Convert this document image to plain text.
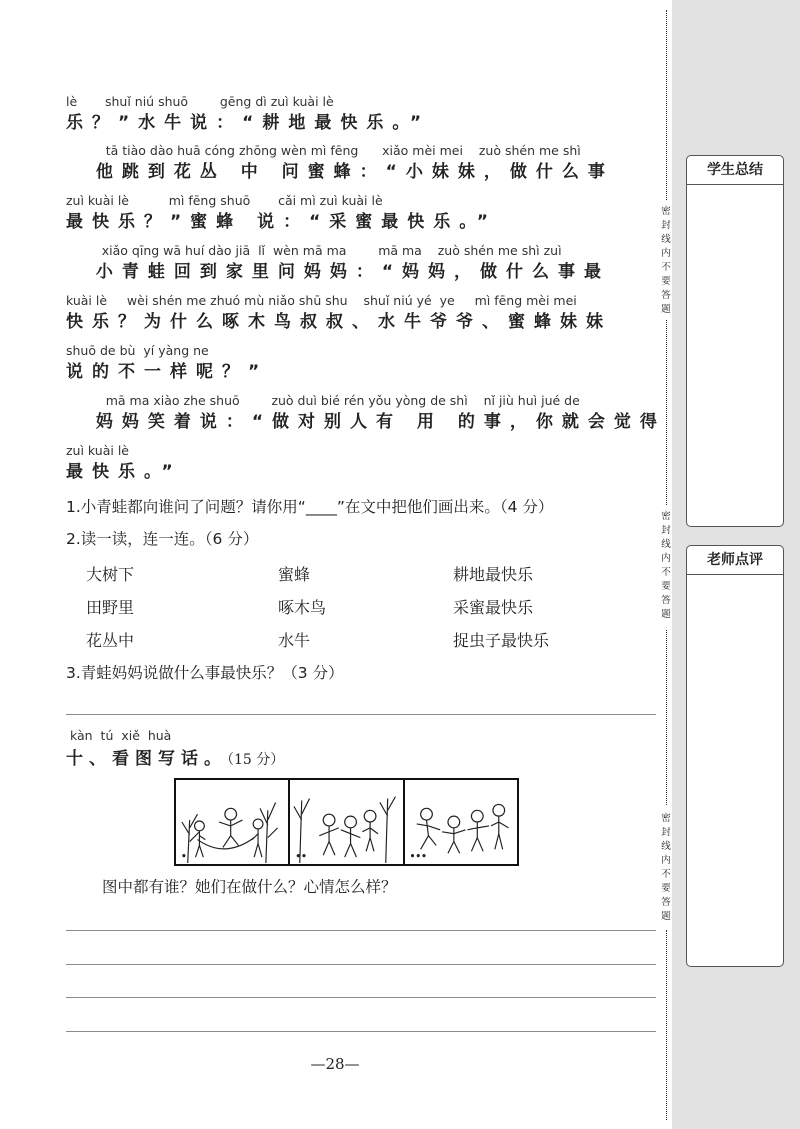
lè       shuǐ niú shuō        gēng dì zuì kuài lè
乐？”水牛说：“耕地最快乐。”
tā tiào dào huā cóng zhōng wèn mì fēng      xiǎo mèi mei    zuò shén me shì
他跳到花丛 中 问蜜蜂：“小妹妹，做什么事
zuì kuài lè          mì fēng shuō       cǎi mì zuì kuài lè
最快乐？”蜜蜂 说：“采蜜最快乐。”
xiǎo qīng wā huí dào jiā  lǐ  wèn mā ma        mā ma    zuò shén me shì zuì
小青蛙回到家里问妈妈：“妈妈，做什么事最
kuài lè     wèi shén me zhuó mù niǎo shū shu    shuǐ niú yé  ye     mì fēng mèi mei
快乐？为什么啄木鸟叔叔、水牛爷爷、蜜蜂妹妹
shuō de bù  yí yàng ne
说的不一样呢？”
mā ma xiào zhe shuō        zuò duì bié rén yǒu yòng de shì    nǐ jiù huì jué de
妈妈笑着说：“做对别人有 用 的事，你就会觉得
zuì kuài lè
最快乐。”
1.小青蛙都向谁问了问题？请你用“____”在文中把他们画出来。（4 分）
2.读一读，连一连。（6 分）
大树下
田野里
花丛中
蜜蜂
啄木鸟
水牛
耕地最快乐
采蜜最快乐
捉虫子最快乐
3.青蛙妈妈说做什么事最快乐？（3 分）
kàn  tú  xiě  huà
十、看图写话。（15 分）
•	••	•••
图中都有谁？她们在做什么？心情怎么样？
—28—
学生总结
老师点评
密
封
线
内
不
要
答
题
密
封
线
内
不
要
答
题
密
封
线
内
不
要
答
题
